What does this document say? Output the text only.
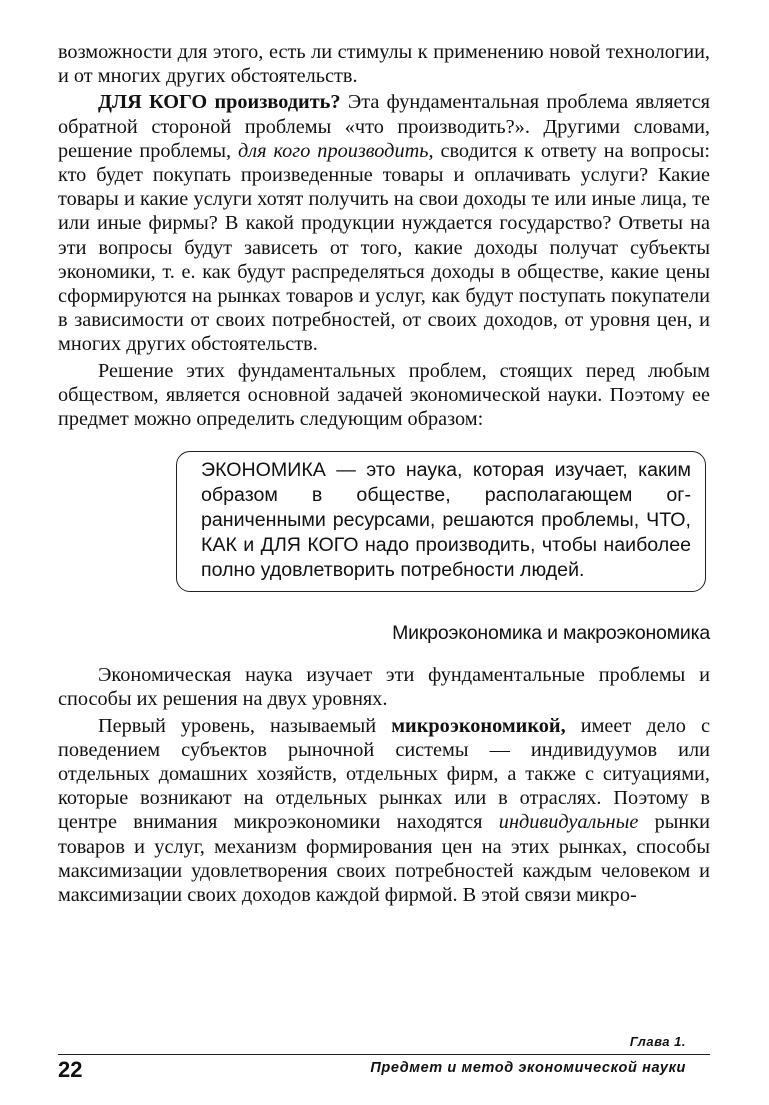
возможности для этого, есть ли стимулы к применению новой технологии, и от многих других обстоятельств.

ДЛЯ КОГО производить? Эта фундаментальная проблема является обратной стороной проблемы «что производить?». Другими словами, решение проблемы, для кого производить, сводится к ответу на вопросы: кто будет покупать произведенные товары и оплачивать услуги? Какие товары и какие услуги хотят получить на свои доходы те или иные лица, те или иные фирмы? В какой продукции нуждается государство? Ответы на эти вопросы будут зависеть от того, какие доходы получат субъекты экономики, т. е. как будут распределяться доходы в обществе, какие цены сформируются на рынках товаров и услуг, как будут поступать покупатели в зависимости от своих потребностей, от своих доходов, от уровня цен, и многих других обстоятельств.

Решение этих фундаментальных проблем, стоящих перед любым обществом, является основной задачей экономической науки. Поэтому ее предмет можно определить следующим образом:

ЭКОНОМИКА — это наука, которая изучает, каким образом в обществе, располагающем ограниченными ресурсами, решаются проблемы, ЧТО, КАК и ДЛЯ КОГО надо производить, чтобы наиболее полно удовлетворить потребности людей.

Микроэкономика и макроэкономика

Экономическая наука изучает эти фундаментальные проблемы и способы их решения на двух уровнях.

Первый уровень, называемый микроэкономикой, имеет дело с поведением субъектов рыночной системы — индивидуумов или отдельных домашних хозяйств, отдельных фирм, а также с ситуациями, которые возникают на отдельных рынках или в отраслях. Поэтому в центре внимания микроэкономики находятся индивидуальные рынки товаров и услуг, механизм формирования цен на этих рынках, способы максимизации удовлетворения своих потребностей каждым человеком и максимизации своих доходов каждой фирмой. В этой связи микро-

Глава 1.
22	Предмет и метод экономической науки
